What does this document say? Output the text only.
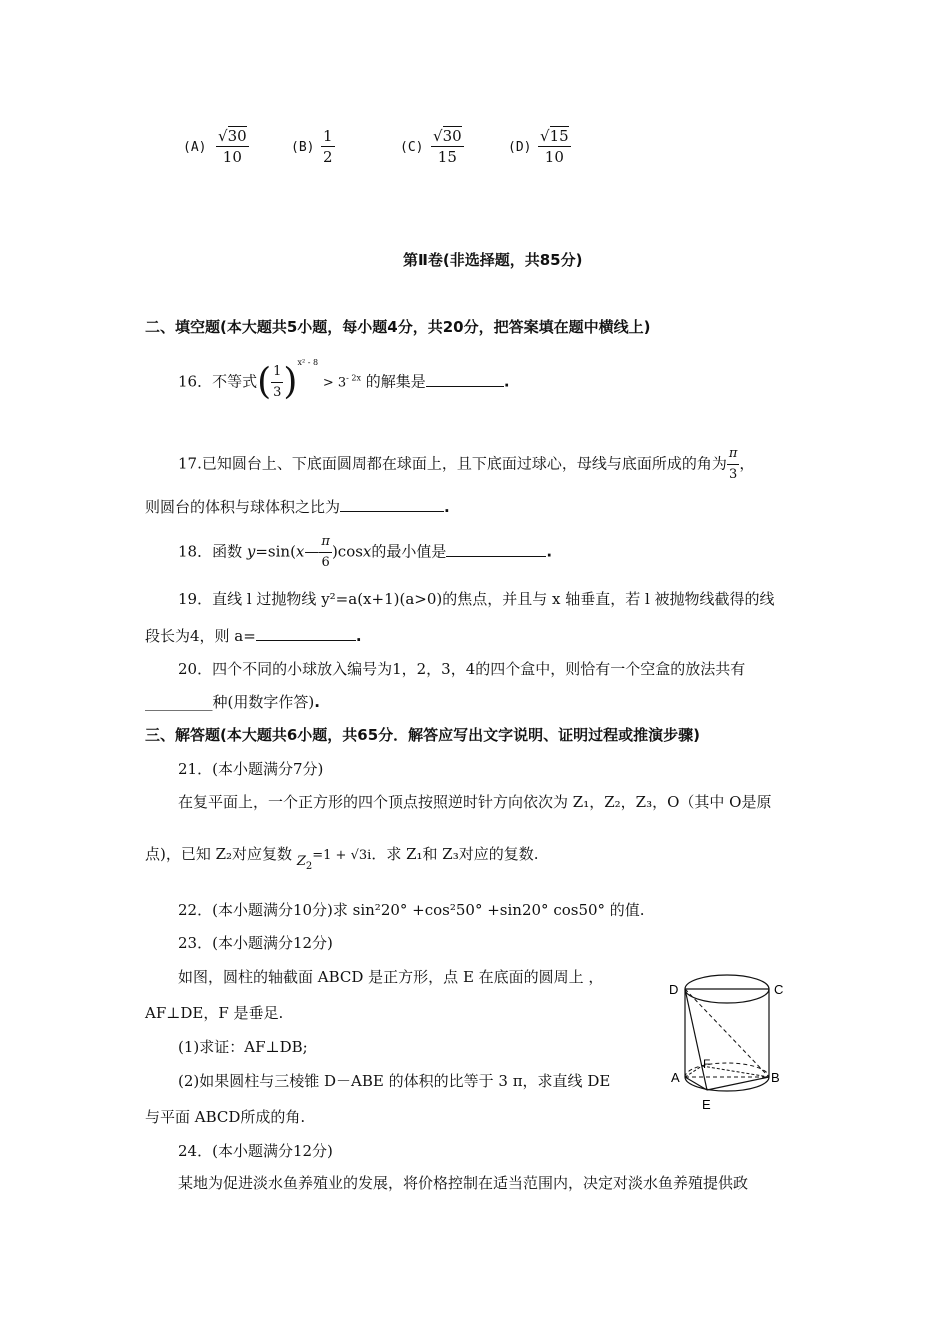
$(A) \frac{√30}{10}$	$(B) \frac{1}{2}$	$(C) \frac{√30}{15}$	$(D) \frac{√15}{10}$
第Ⅱ卷(非选择题，共85分)
二、填空题(本大题共5小题，每小题4分，共20分，把答案填在题中横线上)
16．不等式( $\frac{1}{3} )^{x^2 - 8} > 3^{- 2x}$ 的解集是	.
17.已知圆台上、下底面圆周都在球面上，且下底面过球心，母线与底面所成的角为 $\frac{\pi}{3}$ ，
则圆台的体积与球体积之比为	.
18．函数 y=sin(x— $\frac{\pi}{6} )\cos x$的最小值是	.
19．直线 l 过抛物线 y²=a(x+1)(a>0)的焦点，并且与 x 轴垂直，若 l 被抛物线截得的线
段长为4，则 a=	.
20．四个不同的小球放入编号为1，2，3，4的四个盒中，则恰有一个空盒的放法共有
_________种(用数字作答).
三、解答题(本大题共6小题，共65分．解答应写出文字说明、证明过程或推演步骤)
21．(本小题满分7分)
在复平面上，一个正方形的四个顶点按照逆时针方向依次为 Z₁，Z₂，Z₃，O（其中 O是原
点)，已知 Z₂对应复数 $Z_2=1 + √3i$．求 Z₁和 Z₃对应的复数.
22．(本小题满分10分)求 sin²20° +cos²50° +sin20° cos50° 的值.
23．(本小题满分12分)
如图，圆柱的轴截面 ABCD 是正方形，点 E 在底面的圆周上 ，
AF⊥DE，F 是垂足.
(1)求证：AF⊥DB;
(2)如果圆柱与三棱锥 D－ABE 的体积的比等于 3 π，求直线 DE
与平面 ABCD所成的角.
24．(本小题满分12分)
某地为促进淡水鱼养殖业的发展，将价格控制在适当范围内，决定对淡水鱼养殖提供政
D	C
A	B
F
E
